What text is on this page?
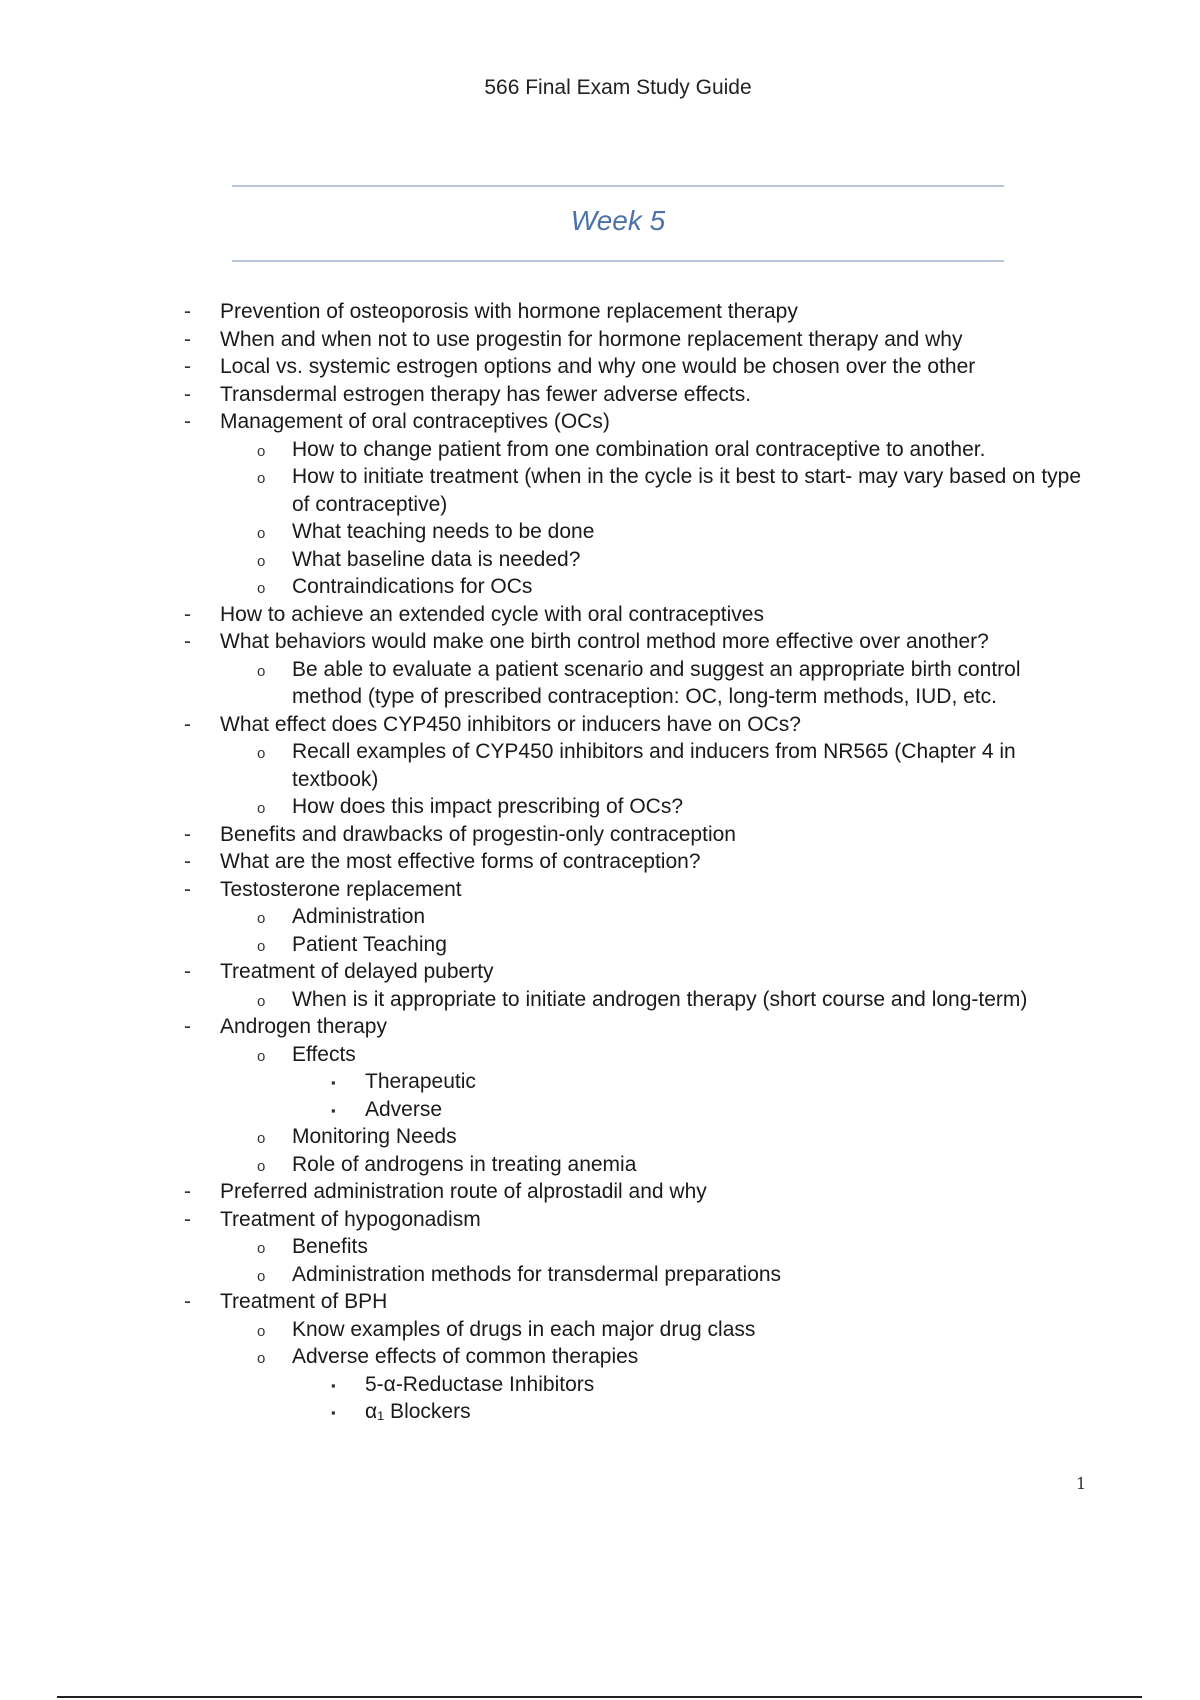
566 Final Exam Study Guide
Week 5
- Prevention of osteoporosis with hormone replacement therapy
- When and when not to use progestin for hormone replacement therapy and why
- Local vs. systemic estrogen options and why one would be chosen over the other
- Transdermal estrogen therapy has fewer adverse effects.
- Management of oral contraceptives (OCs)
o How to change patient from one combination oral contraceptive to another.
o How to initiate treatment (when in the cycle is it best to start- may vary based on type of contraceptive)
o What teaching needs to be done
o What baseline data is needed?
o Contraindications for OCs
- How to achieve an extended cycle with oral contraceptives
- What behaviors would make one birth control method more effective over another?
o Be able to evaluate a patient scenario and suggest an appropriate birth control method (type of prescribed contraception: OC, long-term methods, IUD, etc.
- What effect does CYP450 inhibitors or inducers have on OCs?
o Recall examples of CYP450 inhibitors and inducers from NR565 (Chapter 4 in textbook)
o How does this impact prescribing of OCs?
- Benefits and drawbacks of progestin-only contraception
- What are the most effective forms of contraception?
- Testosterone replacement
o Administration
o Patient Teaching
- Treatment of delayed puberty
o When is it appropriate to initiate androgen therapy (short course and long-term)
- Androgen therapy
o Effects
▪ Therapeutic
▪ Adverse
o Monitoring Needs
o Role of androgens in treating anemia
- Preferred administration route of alprostadil and why
- Treatment of hypogonadism
o Benefits
o Administration methods for transdermal preparations
- Treatment of BPH
o Know examples of drugs in each major drug class
o Adverse effects of common therapies
▪ 5-α-Reductase Inhibitors
▪ α₁ Blockers
1
